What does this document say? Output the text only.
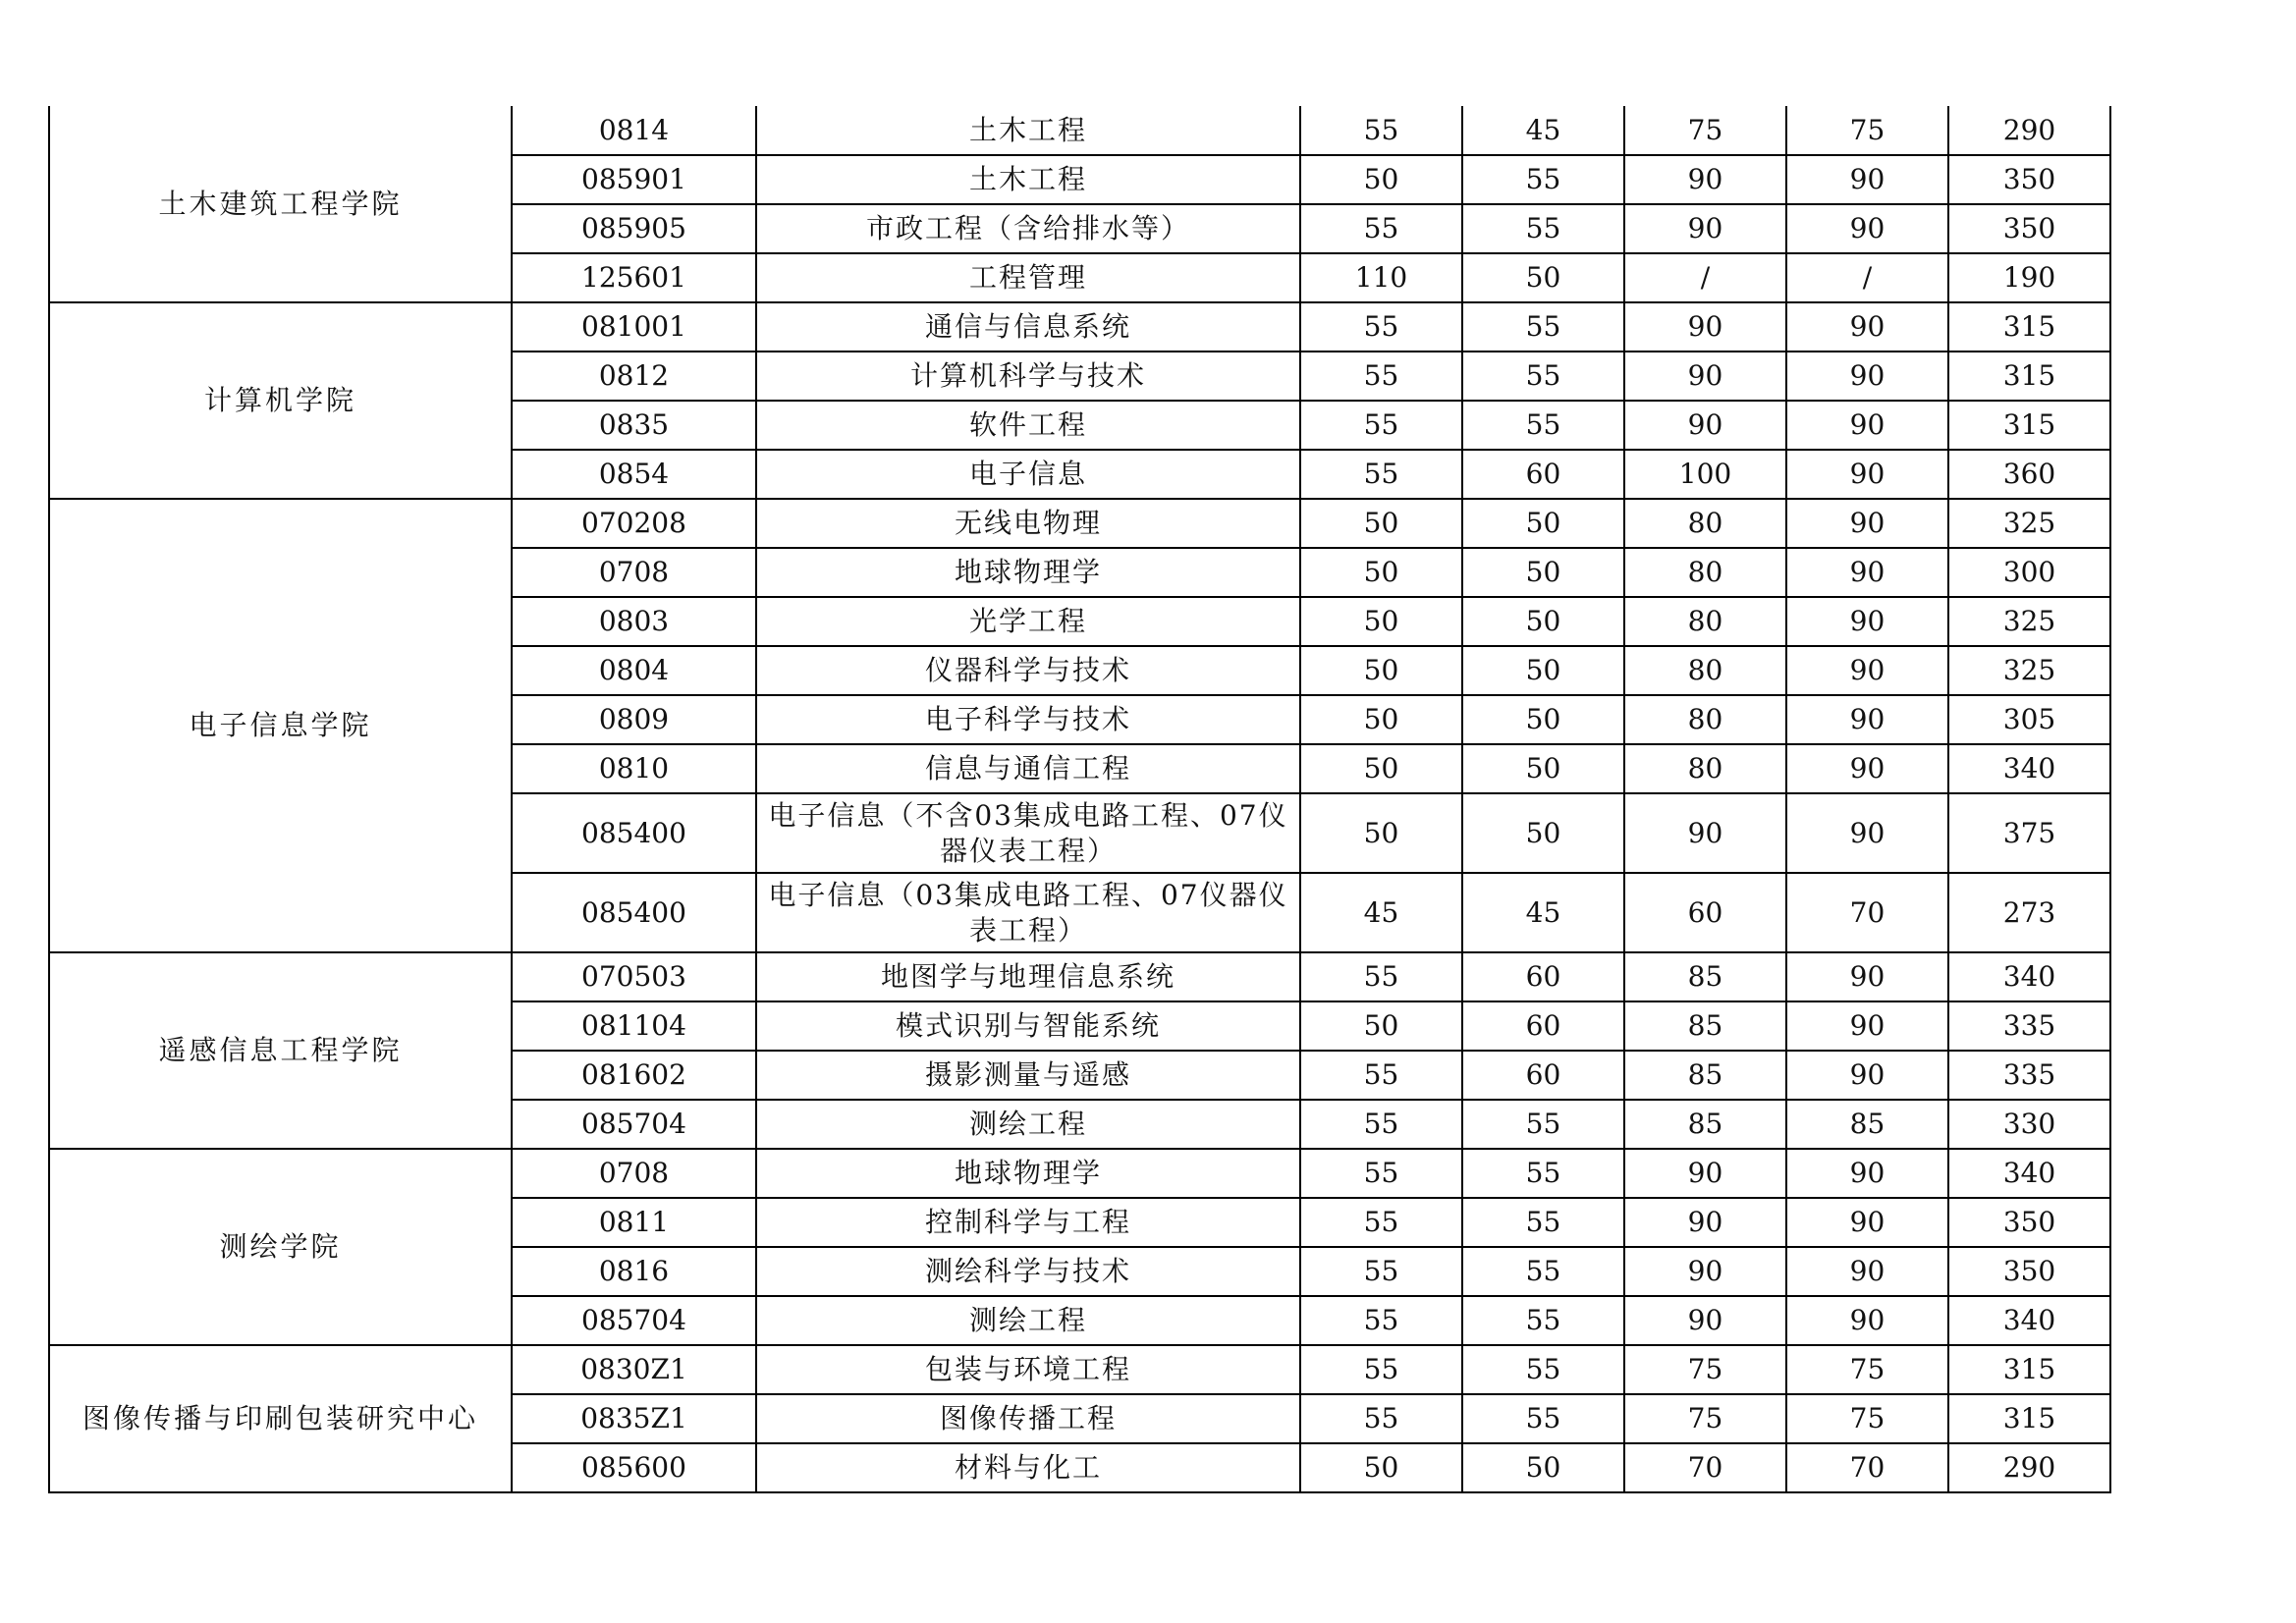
土木建筑工程学院	0814	土木工程	55	45	75	75	290
	085901	土木工程	50	55	90	90	350
	085905	市政工程（含给排水等）	55	55	90	90	350
	125601	工程管理	110	50	/	/	190
计算机学院	081001	通信与信息系统	55	55	90	90	315
	0812	计算机科学与技术	55	55	90	90	315
	0835	软件工程	55	55	90	90	315
	0854	电子信息	55	60	100	90	360
电子信息学院	070208	无线电物理	50	50	80	90	325
	0708	地球物理学	50	50	80	90	300
	0803	光学工程	50	50	80	90	325
	0804	仪器科学与技术	50	50	80	90	325
	0809	电子科学与技术	50	50	80	90	305
	0810	信息与通信工程	50	50	80	90	340
	085400	电子信息（不含03集成电路工程、07仪器仪表工程）	50	50	90	90	375
	085400	电子信息（03集成电路工程、07仪器仪表工程）	45	45	60	70	273
遥感信息工程学院	070503	地图学与地理信息系统	55	60	85	90	340
	081104	模式识别与智能系统	50	60	85	90	335
	081602	摄影测量与遥感	55	60	85	90	335
	085704	测绘工程	55	55	85	85	330
测绘学院	0708	地球物理学	55	55	90	90	340
	0811	控制科学与工程	55	55	90	90	350
	0816	测绘科学与技术	55	55	90	90	350
	085704	测绘工程	55	55	90	90	340
图像传播与印刷包装研究中心	0830Z1	包装与环境工程	55	55	75	75	315
	0835Z1	图像传播工程	55	55	75	75	315
	085600	材料与化工	50	50	70	70	290
